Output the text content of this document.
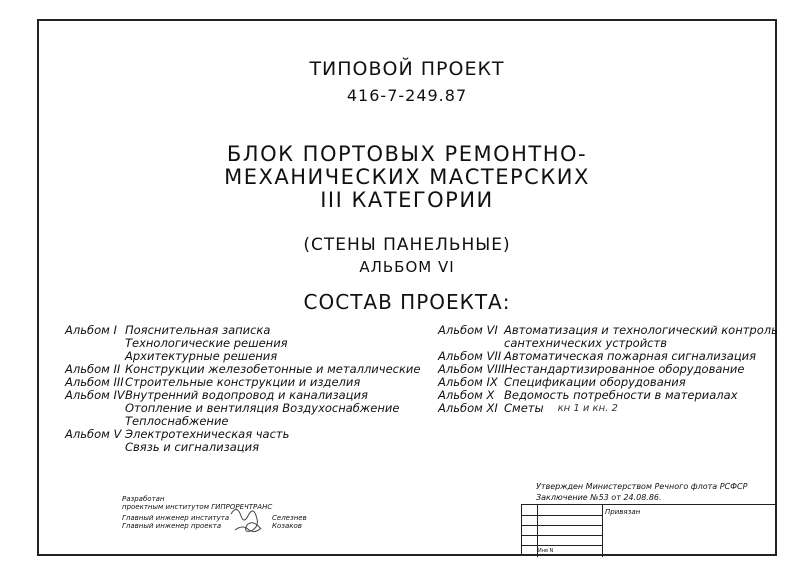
ТИПОВОЙ ПРОЕКТ
416-7-249.87
БЛОК ПОРТОВЫХ РЕМОНТНО-
МЕХАНИЧЕСКИХ МАСТЕРСКИХ
III КАТЕГОРИИ
(СТЕНЫ ПАНЕЛЬНЫЕ)
АЛЬБОМ VI
СОСТАВ ПРОЕКТА:
Альбом I Пояснительная записка
Технологические решения
Архитектурные решения
Альбом II Конструкции железобетонные и металлические
Альбом III Строительные конструкции и изделия
Альбом IV Внутренний водопровод и канализация
Отопление и вентиляция Воздухоснабжение
Теплоснабжение
Альбом V Электротехническая часть
Связь и сигнализация
Альбом VI Автоматизация и технологический контроль
сантехнических устройств
Альбом VII Автоматическая пожарная сигнализация
Альбом VIII Нестандартизированное оборудование
Альбом IX Спецификации оборудования
Альбом X Ведомость потребности в материалах
Альбом XI Сметы кн 1 и кн. 2
Разработан
проектным институтом ГИПРОРЕЧТРАНС
Главный инженер института
Главный инженер проекта
Селезнев
Козаков
Утвержден Министерством Речного флота РСФСР
Заключение №53 от 24.08.86.
Привязан
Инв N
